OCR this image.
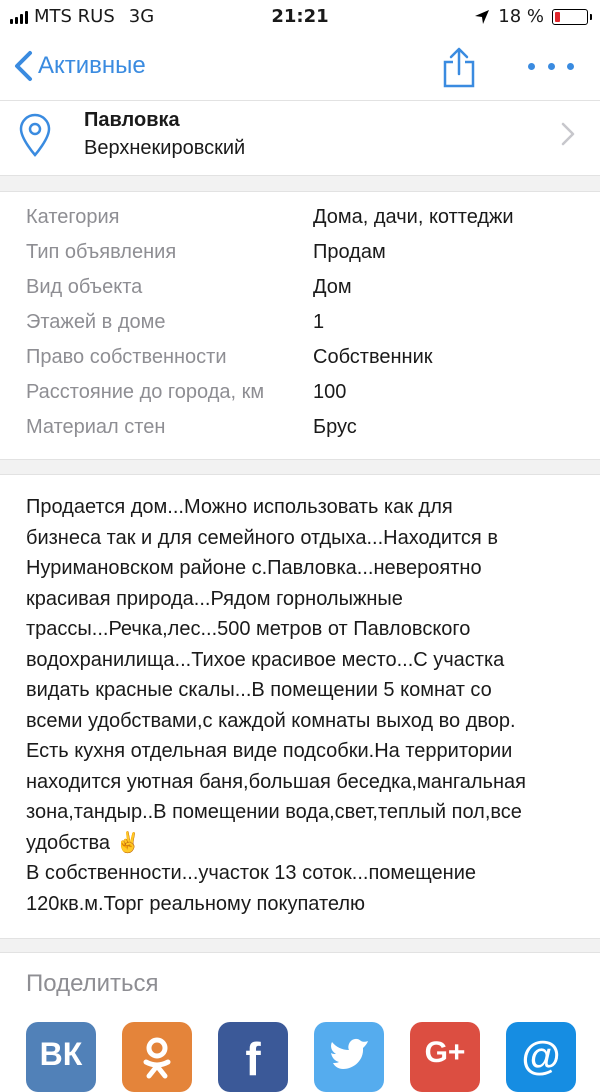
MTS RUS 3G	21:21	18 %
Активные
Павловка
Верхнекировский
Категория	Дома, дачи, коттеджи
Тип объявления	Продам
Вид объекта	Дом
Этажей в доме	1
Право собственности	Собственник
Расстояние до города, км 100
Материал стен	Брус
Продается дом...Можно использовать как для
бизнеса так и для семейного отдыха...Находится в
Нуримановском районе с.Павловка...невероятно
красивая природа...Рядом горнолыжные
трассы...Речка,лес...500 метров от Павловского
водохранилища...Тихое красивое место...С участка
видать красные скалы...В помещении 5 комнат со
всеми удобствами,с каждой комнаты выход во двор.
Есть кухня отдельная виде подсобки.На территории
находится уютная баня,большая беседка,мангальная
зона,тандыр..В помещении вода,свет,теплый пол,все
удобства ✌️
В собственности...участок 13 соток...помещение
120кв.м.Торг реальному покупателю
Поделиться
ВК	f	G+ @
